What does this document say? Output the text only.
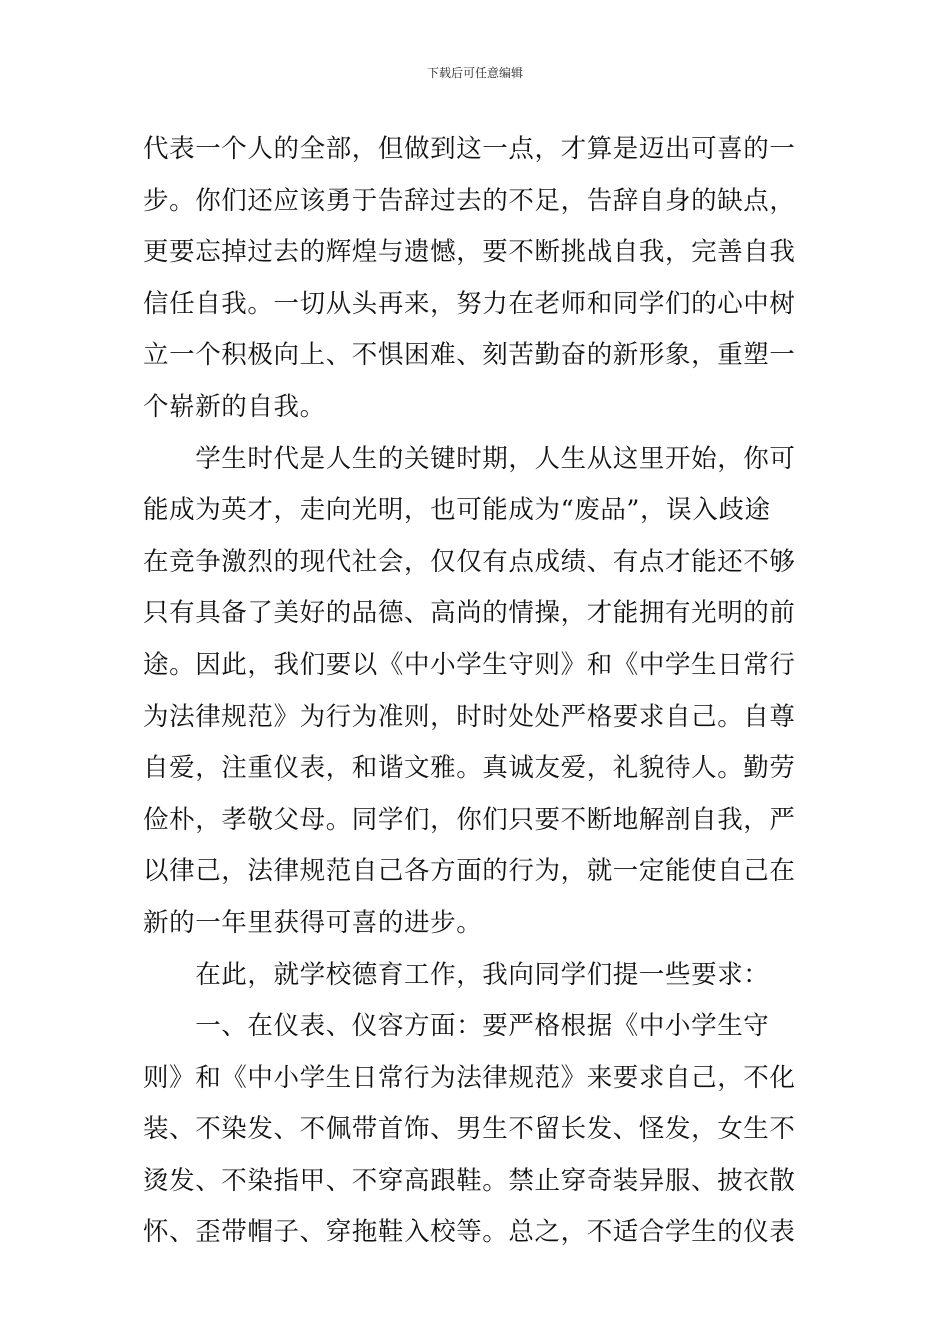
下载后可任意编辑
代表一个人的全部，但做到这一点，才算是迈出可喜的一
步。你们还应该勇于告辞过去的不足，告辞自身的缺点，
更要忘掉过去的辉煌与遗憾，要不断挑战自我，完善自我
信任自我。一切从头再来，努力在老师和同学们的心中树
立一个积极向上、不惧困难、刻苦勤奋的新形象，重塑一
个崭新的自我。
　　学生时代是人生的关键时期，人生从这里开始，你可
能成为英才，走向光明，也可能成为“废品”，误入歧途
在竞争激烈的现代社会，仅仅有点成绩、有点才能还不够
只有具备了美好的品德、高尚的情操，才能拥有光明的前
途。因此，我们要以《中小学生守则》和《中学生日常行
为法律规范》为行为准则，时时处处严格要求自己。自尊
自爱，注重仪表，和谐文雅。真诚友爱，礼貌待人。勤劳
俭朴，孝敬父母。同学们，你们只要不断地解剖自我，严
以律己，法律规范自己各方面的行为，就一定能使自己在
新的一年里获得可喜的进步。
　　在此，就学校德育工作，我向同学们提一些要求：
　　一、在仪表、仪容方面：要严格根据《中小学生守
则》和《中小学生日常行为法律规范》来要求自己，不化
装、不染发、不佩带首饰、男生不留长发、怪发，女生不
烫发、不染指甲、不穿高跟鞋。禁止穿奇装异服、披衣散
怀、歪带帽子、穿拖鞋入校等。总之，不适合学生的仪表
